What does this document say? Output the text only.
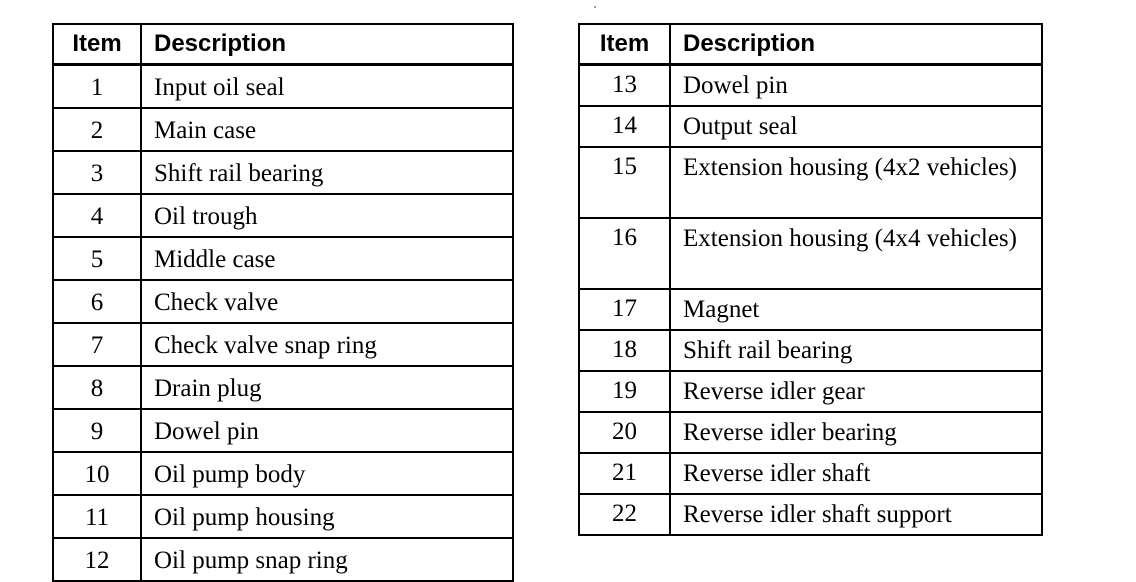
Item	Description
1	Input oil seal
2	Main case
3	Shift rail bearing
4	Oil trough
5	Middle case
6	Check valve
7	Check valve snap ring
8	Drain plug
9	Dowel pin
10	Oil pump body
11	Oil pump housing
12	Oil pump snap ring
Item	Description
13	Dowel pin
14	Output seal
15	Extension housing (4x2 vehicles)
16	Extension housing (4x4 vehicles)
17	Magnet
18	Shift rail bearing
19	Reverse idler gear
20	Reverse idler bearing
21	Reverse idler shaft
22	Reverse idler shaft support
